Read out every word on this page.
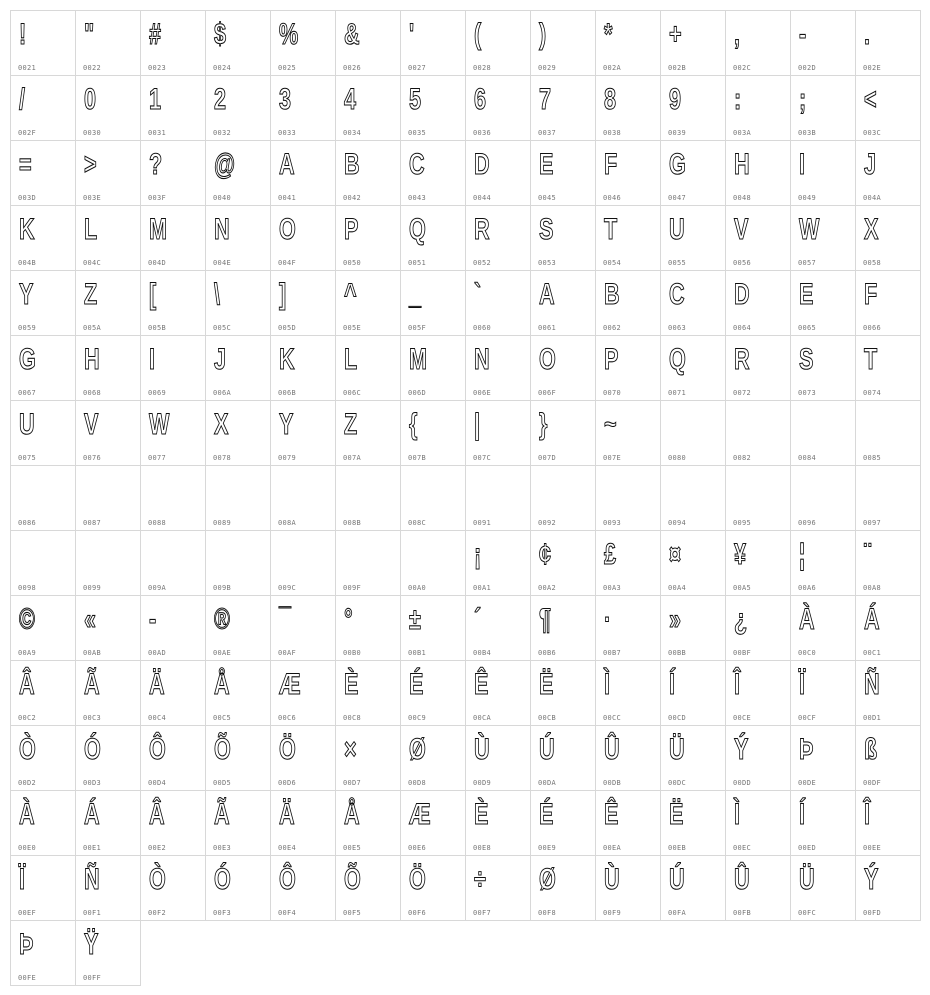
!
0021
"
0022
#
0023
$
0024
%
0025
&
0026
'
0027
(
0028
)
0029
*
002A
+
002B
,
002C
-
002D
.
002E
/
002F
0
0030
1
0031
2
0032
3
0033
4
0034
5
0035
6
0036
7
0037
8
0038
9
0039
:
003A
;
003B
<
003C
=
003D
>
003E
?
003F
@
0040
A
0041
B
0042
C
0043
D
0044
E
0045
F
0046
G
0047
H
0048
I
0049
J
004A
K
004B
L
004C
M
004D
N
004E
O
004F
P
0050
Q
0051
R
0052
S
0053
T
0054
U
0055
V
0056
W
0057
X
0058
Y
0059
Z
005A
[
005B
\
005C
]
005D
^
005E
_
005F
`
0060
A
0061
B
0062
C
0063
D
0064
E
0065
F
0066
G
0067
H
0068
I
0069
J
006A
K
006B
L
006C
M
006D
N
006E
O
006F
P
0070
Q
0071
R
0072
S
0073
T
0074
U
0075
V
0076
W
0077
X
0078
Y
0079
Z
007A
{
007B
|
007C
}
007D
~
007E	0080	0082	0084	0085
0086	0087	0088	0089	008A	008B	008C	0091	0092	0093	0094	0095	0096	0097
0098	0099	009A	009B	009C	009F	00A0
¡
00A1
¢
00A2
£
00A3
¤
00A4
¥
00A5
¦
00A6
¨
00A8
©
00A9
«
00AB
-
00AD
®
00AE
¯
00AF
°
00B0
±
00B1
´
00B4
¶
00B6
·
00B7
»
00BB
¿
00BF
À
00C0
Á
00C1
Â
00C2
Ã
00C3
Ä
00C4
Å
00C5
Æ
00C6
È
00C8
É
00C9
Ê
00CA
Ë
00CB
Ì
00CC
Í
00CD
Î
00CE
Ï
00CF
Ñ
00D1
Ò
00D2
Ó
00D3
Ô
00D4
Õ
00D5
Ö
00D6
×
00D7
Ø
00D8
Ù
00D9
Ú
00DA
Û
00DB
Ü
00DC
Ý
00DD
Þ
00DE
ß
00DF
À
00E0
Á
00E1
Â
00E2
Ã
00E3
Ä
00E4
Å
00E5
Æ
00E6
È
00E8
É
00E9
Ê
00EA
Ë
00EB
Ì
00EC
Í
00ED
Î
00EE
Ï
00EF
Ñ
00F1
Ò
00F2
Ó
00F3
Ô
00F4
Õ
00F5
Ö
00F6
÷
00F7
Ø
00F8
Ù
00F9
Ú
00FA
Û
00FB
Ü
00FC
Ý
00FD
Þ
00FE
Ÿ
00FF
